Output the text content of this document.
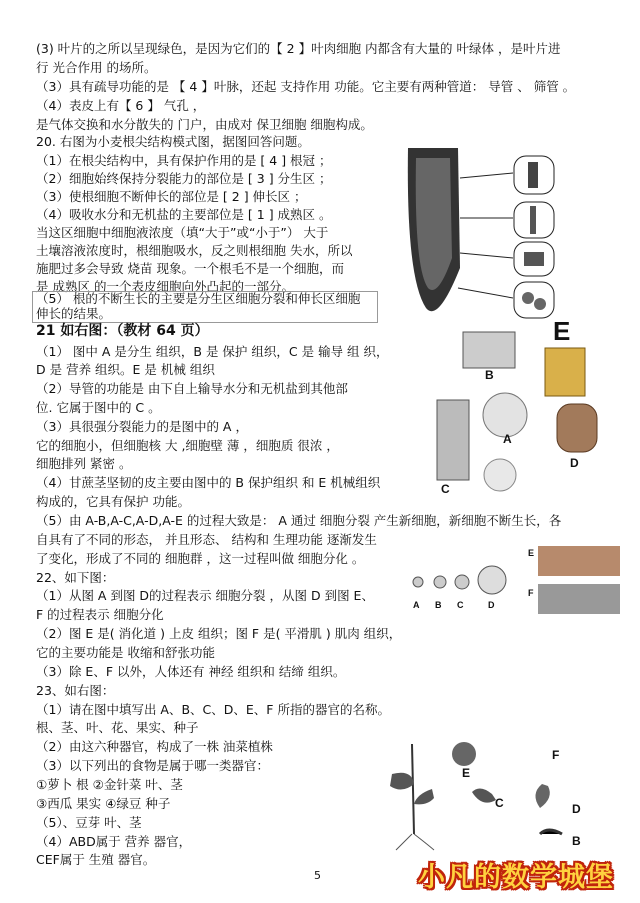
(3) 叶片的之所以呈现绿色，是因为它们的【 2 】叶肉细胞 内都含有大量的 叶绿体 ，是叶片进
行 光合作用 的场所。
（3）具有疏导功能的是 【 4 】叶脉，还起 支持作用 功能。它主要有两种管道： 导管 、 筛管 。
（4）表皮上有【 6 】 气孔 ，
是气体交换和水分散失的 门户，由成对 保卫细胞 细胞构成。
20. 右图为小麦根尖结构模式图，据图回答问题。
（1）在根尖结构中，具有保护作用的是 [ 4 ] 根冠 ；
（2）细胞始终保持分裂能力的部位是 [ 3 ] 分生区 ；
（3）使根细胞不断伸长的部位是 [ 2 ] 伸长区 ；
（4）吸收水分和无机盐的主要部位是 [ 1 ] 成熟区 。
当这区细胞中细胞液浓度（填“大于”或“小于”） 大于
土壤溶液浓度时，根细胞吸水，反之则根细胞 失水，所以
施肥过多会导致 烧苗 现象。一个根毛不是一个细胞，而
是 成熟区 的一个表皮细胞向外凸起的一部分。
（5） 根的不断生长的主要是分生区细胞分裂和伸长区细胞
伸长的结果。
21 如右图：（教材 64 页）
（1） 图中 A 是分生 组织，B 是 保护 组织，C 是 输导 组 织，
D 是 营养 组织。E 是 机械 组织
（2）导管的功能是 由下自上输导水分和无机盐到其他部
位. 它属于图中的 C 。
（3）具很强分裂能力的是图中的 A ，
它的细胞小，但细胞核 大 ,细胞壁 薄 ，细胞质 很浓 ，
细胞排列 紧密 。
（4）甘蔗茎坚韧的皮主要由图中的 B 保护组织 和 E 机械组织
构成的，它具有保护 功能。
（5）由 A-B,A-C,A-D,A-E 的过程大致是： A 通过 细胞分裂 产生新细胞，新细胞不断生长，各
自具有了不同的形态， 并且形态、 结构和 生理功能 逐渐发生
了变化，形成了不同的 细胞群 ，这一过程叫做 细胞分化 。
22、如下图：
（1）从图 A 到图 D的过程表示 细胞分裂 ，从图 D 到图 E、
F 的过程表示 细胞分化
（2）图 E 是( 消化道 ) 上皮 组织；图 F 是( 平滑肌 ) 肌肉 组织，
它的主要功能是 收缩和舒张功能
（3）除 E、F 以外，人体还有 神经 组织和 结缔 组织。
23、如右图：
（1）请在图中填写出 A、B、C、D、E、F 所指的器官的名称。
根、茎、叶、花、果实、种子
（2）由这六种器官，构成了一株 油菜植株
（3）以下列出的食物是属于哪一类器官：
①萝卜 根 ②金针菜 叶、茎
③西瓜 果实 ④绿豆 种子
（5）、豆芽 叶、茎
（4）ABD属于 营养 器官，
CEF属于 生殖 器官。
E
B
A
C
D
A B C	D
E
F
E
F
C	D
B
5	小凡的数学城堡
